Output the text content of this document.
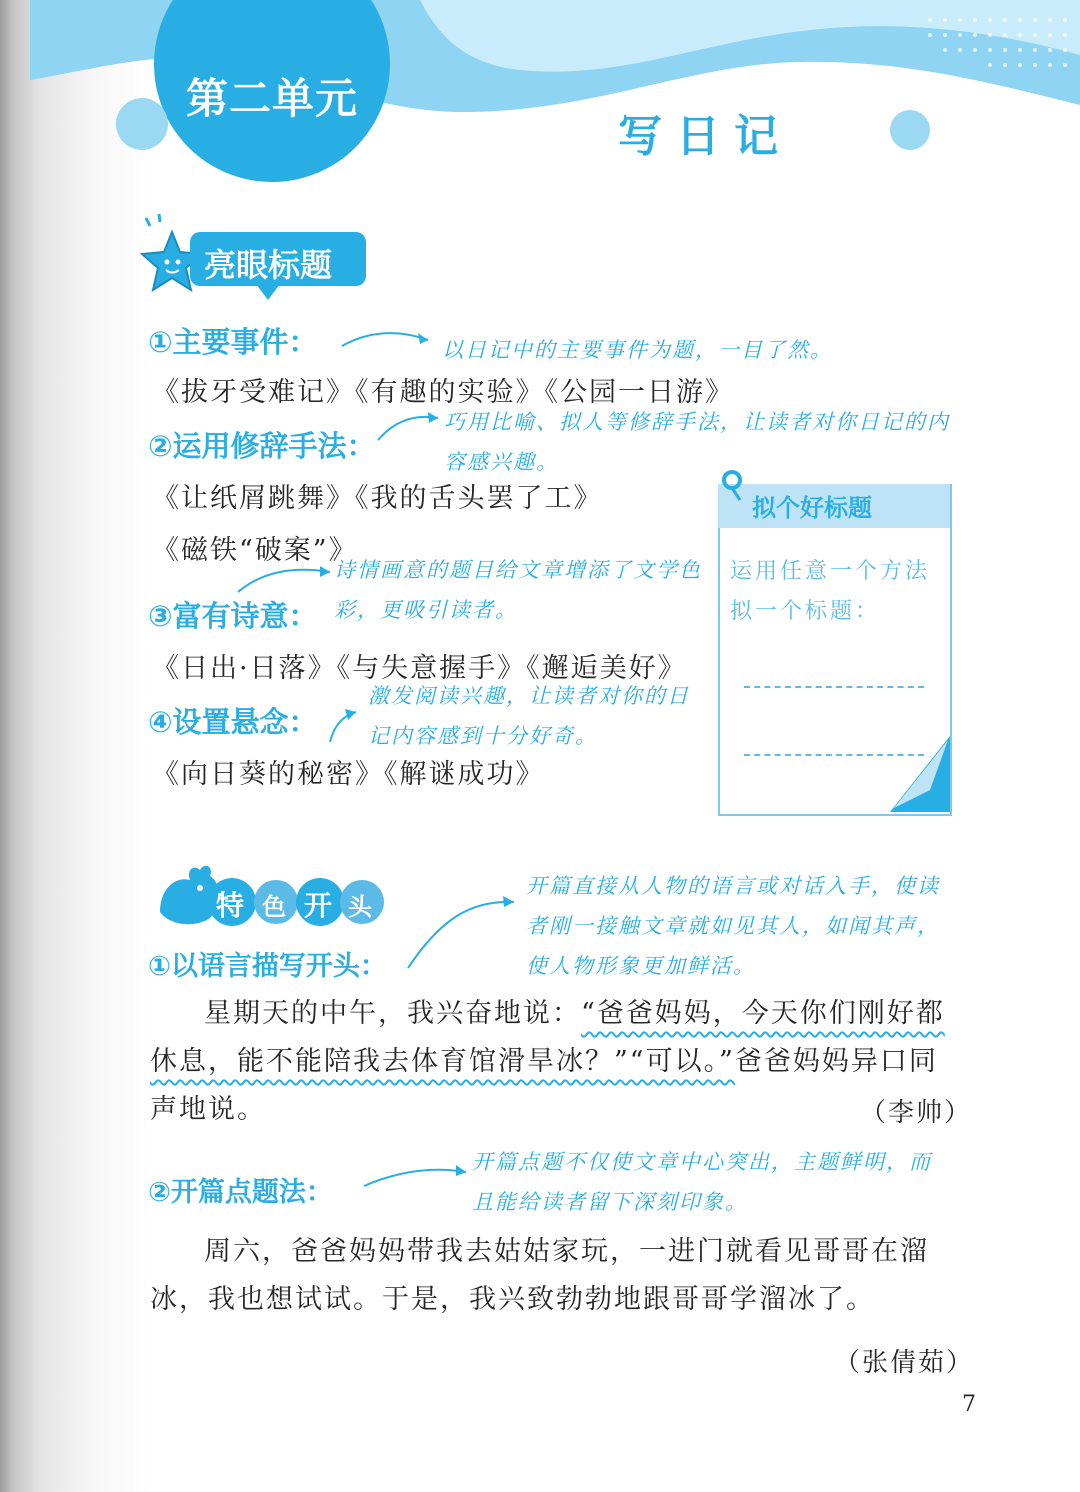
第二单元
写日记
亮眼标题
①主要事件：	以日记中的主要事件为题，一目了然。
《拔牙受难记》《有趣的实验》《公园一日游》
②运用修辞手法：
巧用比喻、拟人等修辞手法，让读者对你日记的内容感兴趣。
《让纸屑跳舞》《我的舌头罢了工》
《磁铁“破案”》
诗情画意的题目给文章增添了文学色彩，更吸引读者。
③富有诗意：
《日出·日落》《与失意握手》《邂逅美好》
④设置悬念：
激发阅读兴趣，让读者对你的日记内容感到十分好奇。
《向日葵的秘密》《解谜成功》
拟个好标题
运用任意一个方法拟一个标题：
特 色 开 头
开篇直接从人物的语言或对话入手，使读者刚一接触文章就如见其人，如闻其声，使人物形象更加鲜活。
①以语言描写开头：
星期天的中午，我兴奋地说：“爸爸妈妈，今天你们刚好都休息，能不能陪我去体育馆滑旱冰？”“可以。”爸爸妈妈异口同声地说。	（李帅）
②开篇点题法：
开篇点题不仅使文章中心突出，主题鲜明，而且能给读者留下深刻印象。
周六，爸爸妈妈带我去姑姑家玩，一进门就看见哥哥在溜冰，我也想试试。于是，我兴致勃勃地跟哥哥学溜冰了。
（张倩茹）
7
